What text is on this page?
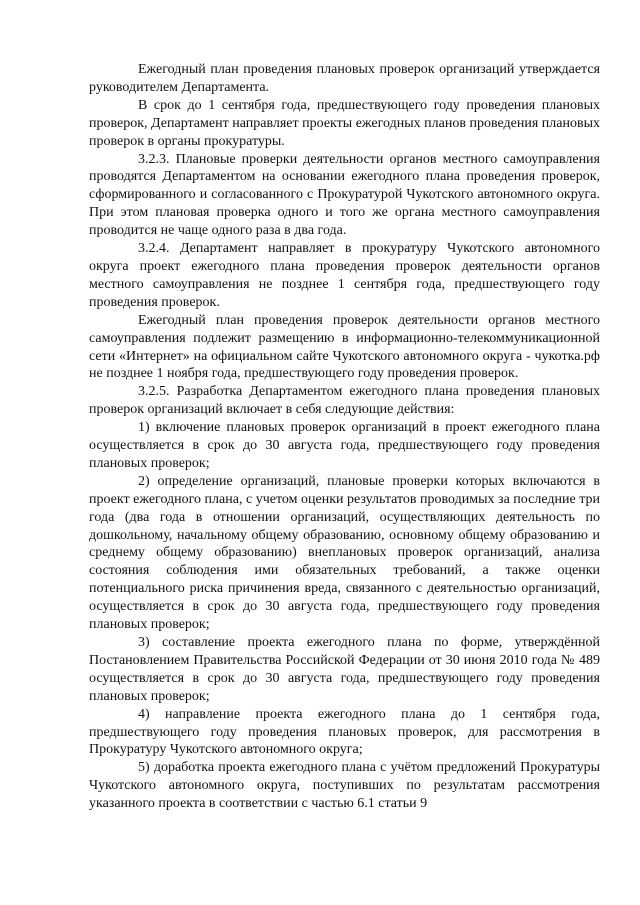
Ежегодный план проведения плановых проверок организаций утверждается руководителем Департамента.

В срок до 1 сентября года, предшествующего году проведения плановых проверок, Департамент направляет проекты ежегодных планов проведения плановых проверок в органы прокуратуры.

3.2.3. Плановые проверки деятельности органов местного самоуправления проводятся Департаментом на основании ежегодного плана проведения проверок, сформированного и согласованного с Прокуратурой Чукотского автономного округа. При этом плановая проверка одного и того же органа местного самоуправления проводится не чаще одного раза в два года.

3.2.4. Департамент направляет в прокуратуру Чукотского автономного округа проект ежегодного плана проведения проверок деятельности органов местного самоуправления не позднее 1 сентября года, предшествующего году проведения проверок.

Ежегодный план проведения проверок деятельности органов местного самоуправления подлежит размещению в информационно-телекоммуникационной сети «Интернет» на официальном сайте Чукотского автономного округа - чукотка.рф не позднее 1 ноября года, предшествующего году проведения проверок.

3.2.5. Разработка Департаментом ежегодного плана проведения плановых проверок организаций включает в себя следующие действия:

1) включение плановых проверок организаций в проект ежегодного плана осуществляется в срок до 30 августа года, предшествующего году проведения плановых проверок;

2) определение организаций, плановые проверки которых включаются в проект ежегодного плана, с учетом оценки результатов проводимых за последние три года (два года в отношении организаций, осуществляющих деятельность по дошкольному, начальному общему образованию, основному общему образованию и среднему общему образованию) внеплановых проверок организаций, анализа состояния соблюдения ими обязательных требований, а также оценки потенциального риска причинения вреда, связанного с деятельностью организаций, осуществляется в срок до 30 августа года, предшествующего году проведения плановых проверок;

3) составление проекта ежегодного плана по форме, утверждённой Постановлением Правительства Российской Федерации от 30 июня 2010 года № 489 осуществляется в срок до 30 августа года, предшествующего году проведения плановых проверок;

4) направление проекта ежегодного плана до 1 сентября года, предшествующего году проведения плановых проверок, для рассмотрения в Прокуратуру Чукотского автономного округа;

5) доработка проекта ежегодного плана с учётом предложений Прокуратуры Чукотского автономного округа, поступивших по результатам рассмотрения указанного проекта в соответствии с частью 6.1 статьи 9
